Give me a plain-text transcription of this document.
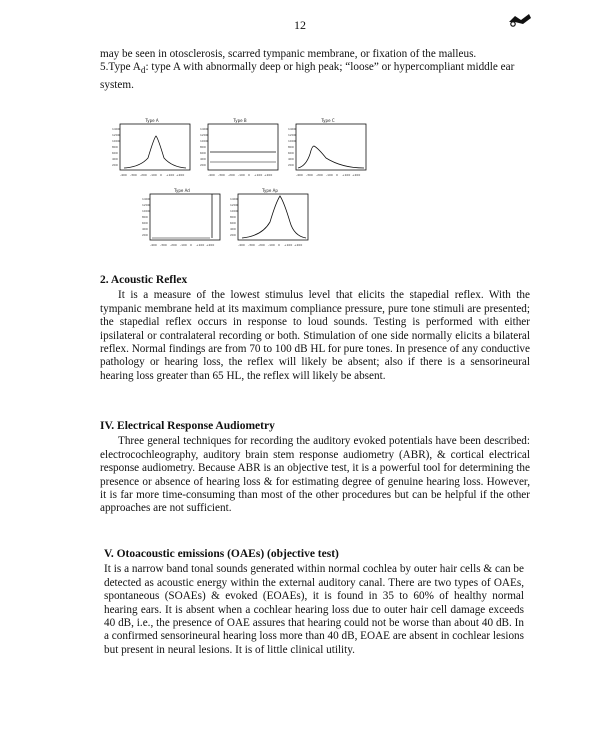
12

may be seen in otosclerosis, scarred tympanic membrane, or fixation of the malleus.

5.Type $A_d$: type A with abnormally deep or high peak; “loose” or hypercompliant middle ear system.

Type A
1400
1200
1000
800
600
400
200
-400 -300 -200 -100 0 +100 +200
Type B
1400
1200
1000
800
600
400
200
-400 -300 -200 -100 0 +100 +200
Type C
1400
1200
1000
800
600
400
200
-400 -300 -200 -100 0 +100 +200
Type Ad
1400
1200
1000
800
600
400
200
-400 -300 -200 -100 0 +100 +200
Type Ap
1400
1200
1000
800
600
400
200
-400 -300 -200 -100 0 +100 +200
2. Acoustic Reflex

It is a measure of the lowest stimulus level that elicits the stapedial reflex. With the tympanic membrane held at its maximum compliance pressure, pure tone stimuli are presented; the stapedial reflex occurs in response to loud sounds. Testing is performed with either ipsilateral or contralateral recording or both. Stimulation of one side normally elicits a bilateral reflex. Normal findings are from 70 to 100 dB HL for pure tones. In presence of any conductive pathology or hearing loss, the reflex will likely be absent; also if there is a sensorineural hearing loss greater than 65 HL, the reflex will likely be absent.

IV. Electrical Response Audiometry

Three general techniques for recording the auditory evoked potentials have been described: electrocochleography, auditory brain stem response audiometry (ABR), & cortical electrical response audiometry. Because ABR is an objective test, it is a powerful tool for determining the presence or absence of hearing loss & for estimating degree of genuine hearing loss. However, it is far more time-consuming than most of the other procedures but can be helpful if the other approaches are not sufficient.

V. Otoacoustic emissions (OAEs) (objective test)

It is a narrow band tonal sounds generated within normal cochlea by outer hair cells & can be detected as acoustic energy within the external auditory canal. There are two types of OAEs, spontaneous (SOAEs) & evoked (EOAEs), it is found in 35 to 60% of healthy normal hearing ears. It is absent when a cochlear hearing loss due to outer hair cell damage exceeds 40 dB, i.e., the presence of OAE assures that hearing could not be worse than about 40 dB. In a confirmed sensorineural hearing loss more than 40 dB, EOAE are absent in cochlear lesions but present in neural lesions. It is of little clinical utility.
